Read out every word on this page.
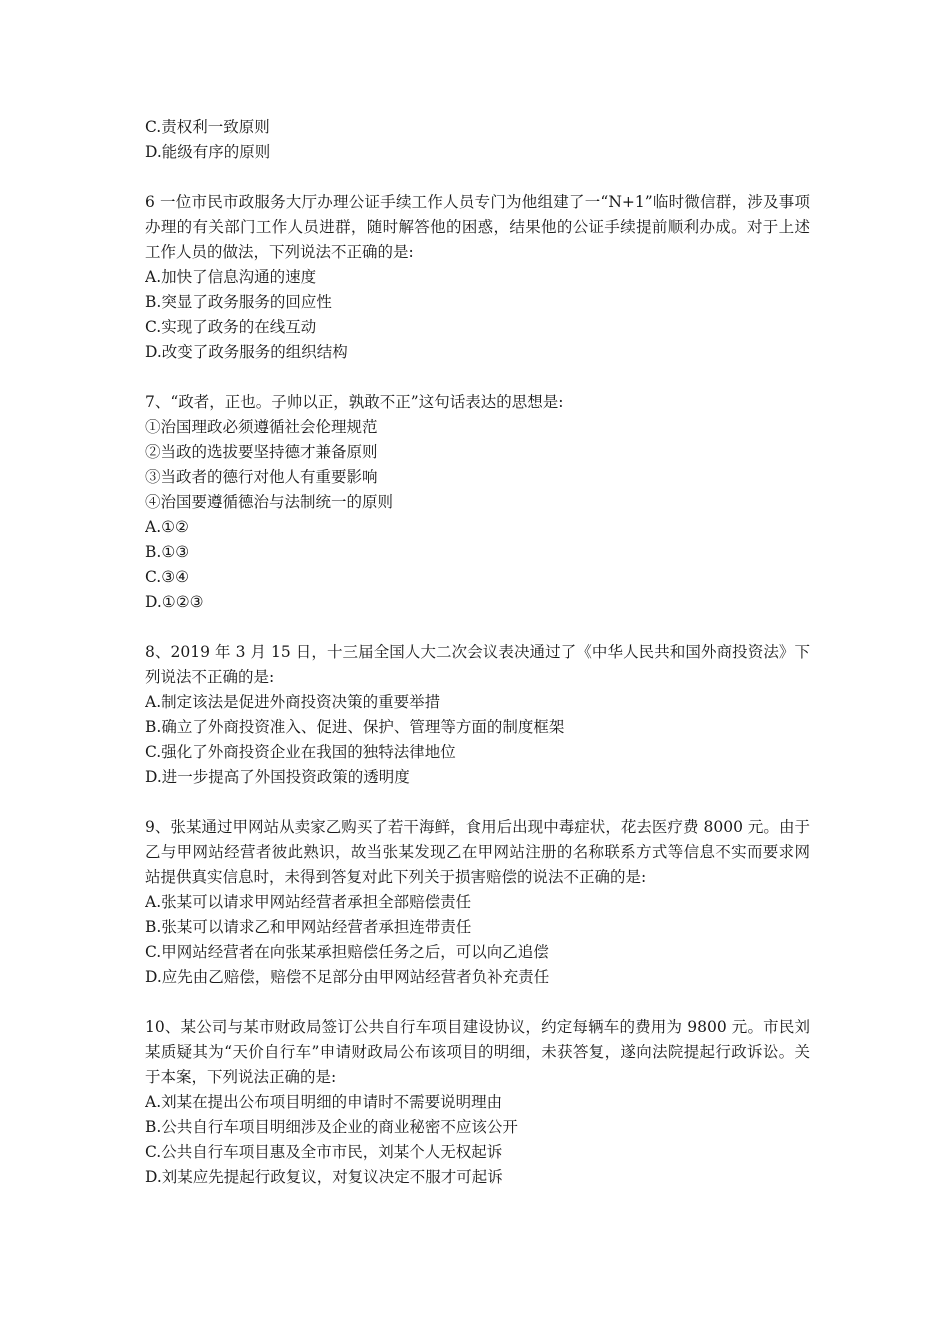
C.责权利一致原则
D.能级有序的原则
6 一位市民市政服务大厅办理公证手续工作人员专门为他组建了一“N+1”临时微信群，涉及事项办理的有关部门工作人员进群，随时解答他的困惑，结果他的公证手续提前顺利办成。对于上述工作人员的做法，下列说法不正确的是:
A.加快了信息沟通的速度
B.突显了政务服务的回应性
C.实现了政务的在线互动
D.改变了政务服务的组织结构
7、“政者，正也。子帅以正，孰敢不正”这句话表达的思想是:
①治国理政必须遵循社会伦理规范
②当政的选拔要坚持德才兼备原则
③当政者的德行对他人有重要影响
④治国要遵循德治与法制统一的原则
A.①②
B.①③
C.③④
D.①②③
8、2019 年 3 月 15 日，十三届全国人大二次会议表决通过了《中华人民共和国外商投资法》下列说法不正确的是:
A.制定该法是促进外商投资决策的重要举措
B.确立了外商投资准入、促进、保护、管理等方面的制度框架
C.强化了外商投资企业在我国的独特法律地位
D.进一步提高了外国投资政策的透明度
9、张某通过甲网站从卖家乙购买了若干海鲜，食用后出现中毒症状，花去医疗费 8000 元。由于乙与甲网站经营者彼此熟识，故当张某发现乙在甲网站注册的名称联系方式等信息不实而要求网站提供真实信息时，未得到答复对此下列关于损害赔偿的说法不正确的是:
A.张某可以请求甲网站经营者承担全部赔偿责任
B.张某可以请求乙和甲网站经营者承担连带责任
C.甲网站经营者在向张某承担赔偿任务之后，可以向乙追偿
D.应先由乙赔偿，赔偿不足部分由甲网站经营者负补充责任
10、某公司与某市财政局签订公共自行车项目建设协议，约定每辆车的费用为 9800 元。市民刘某质疑其为“天价自行车”申请财政局公布该项目的明细，未获答复，遂向法院提起行政诉讼。关于本案，下列说法正确的是:
A.刘某在提出公布项目明细的申请时不需要说明理由
B.公共自行车项目明细涉及企业的商业秘密不应该公开
C.公共自行车项目惠及全市市民，刘某个人无权起诉
D.刘某应先提起行政复议，对复议决定不服才可起诉
